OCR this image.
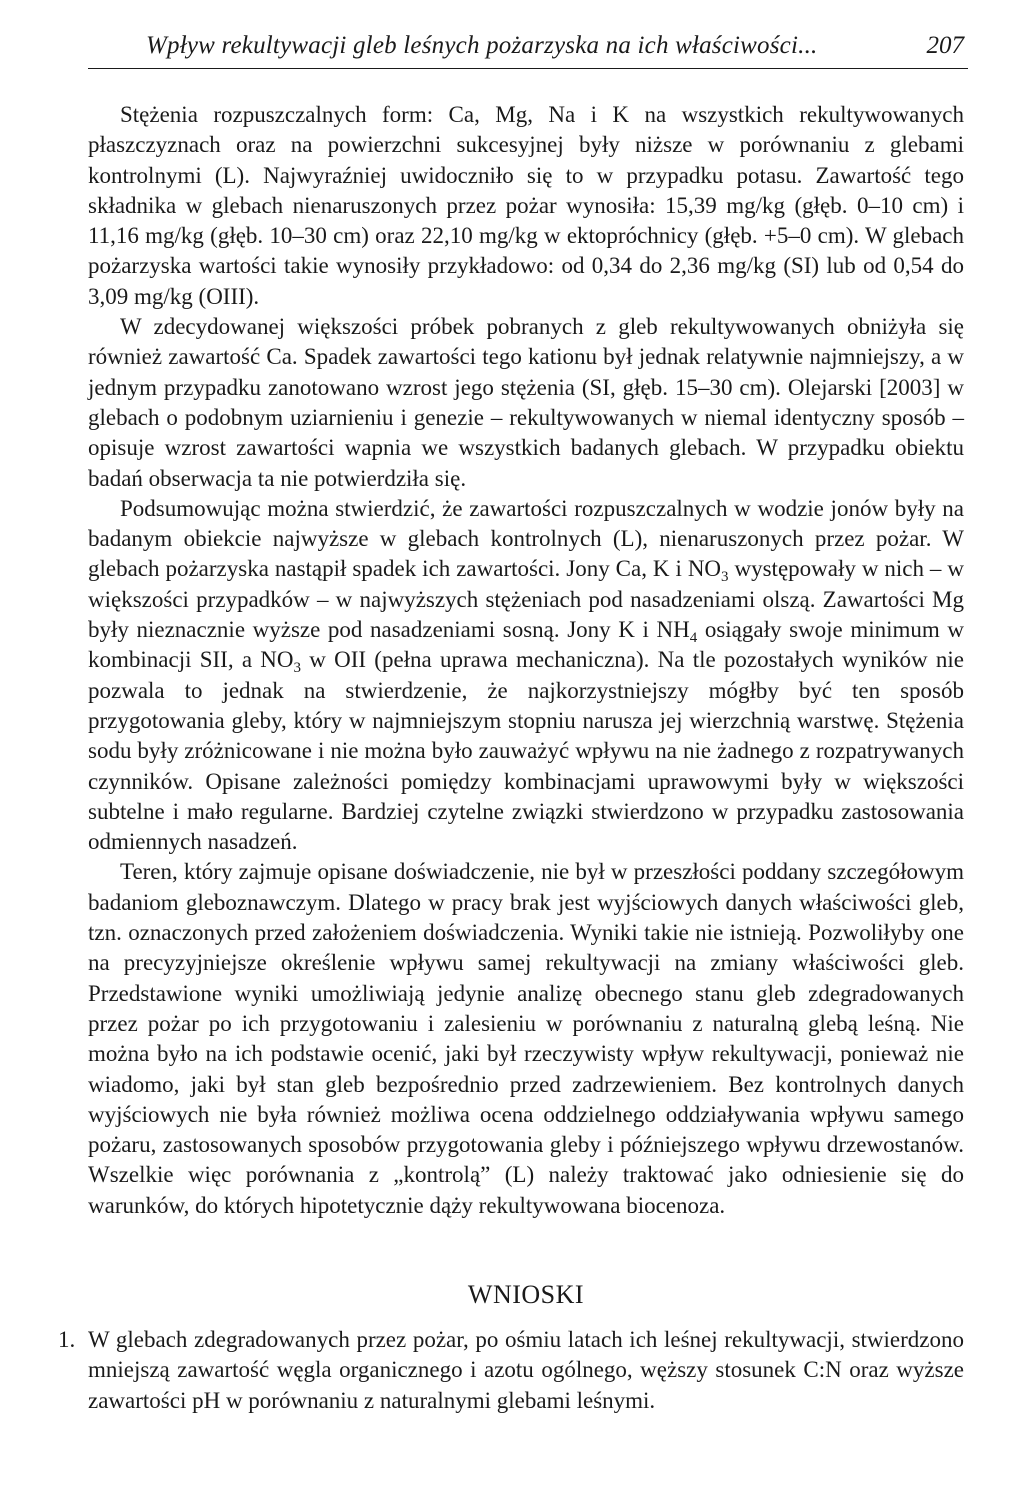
Wpływ rekultywacji gleb leśnych pożarzyska na ich właściwości...	207

Stężenia rozpuszczalnych form: Ca, Mg, Na i K na wszystkich rekultywowanych płaszczyznach oraz na powierzchni sukcesyjnej były niższe w porównaniu z glebami kontrolnymi (L). Najwyraźniej uwidoczniło się to w przypadku potasu. Zawartość tego składnika w glebach nienaruszonych przez pożar wynosiła: 15,39 mg/kg (głęb. 0–10 cm) i 11,16 mg/kg (głęb. 10–30 cm) oraz 22,10 mg/kg w ektopróchnicy (głęb. +5–0 cm). W glebach pożarzyska wartości takie wynosiły przykładowo: od 0,34 do 2,36 mg/kg (SI) lub od 0,54 do 3,09 mg/kg (OIII).

W zdecydowanej większości próbek pobranych z gleb rekultywowanych obniżyła się również zawartość Ca. Spadek zawartości tego kationu był jednak relatywnie najmniejszy, a w jednym przypadku zanotowano wzrost jego stężenia (SI, głęb. 15–30 cm). Olejarski [2003] w glebach o podobnym uziarnieniu i genezie – rekultywowanych w niemal identyczny sposób – opisuje wzrost zawartości wapnia we wszystkich badanych glebach. W przypadku obiektu badań obserwacja ta nie potwierdziła się.

Podsumowując można stwierdzić, że zawartości rozpuszczalnych w wodzie jonów były na badanym obiekcie najwyższe w glebach kontrolnych (L), nienaruszonych przez pożar. W glebach pożarzyska nastąpił spadek ich zawartości. Jony Ca, K i $NO_3$ występowały w nich – w większości przypadków – w najwyższych stężeniach pod nasadzeniami olszą. Zawartości Mg były nieznacznie wyższe pod nasadzeniami sosną. Jony K i $NH_4$ osiągały swoje minimum w kombinacji SII, a $NO_3$ w OII (pełna uprawa mechaniczna). Na tle pozostałych wyników nie pozwala to jednak na stwierdzenie, że najkorzystniejszy mógłby być ten sposób przygotowania gleby, który w najmniejszym stopniu narusza jej wierzchnią warstwę. Stężenia sodu były zróżnicowane i nie można było zauważyć wpływu na nie żadnego z rozpatrywanych czynników. Opisane zależności pomiędzy kombinacjami uprawowymi były w większości subtelne i mało regularne. Bardziej czytelne związki stwierdzono w przypadku zastosowania odmiennych nasadzeń.

Teren, który zajmuje opisane doświadczenie, nie był w przeszłości poddany szczegółowym badaniom gleboznawczym. Dlatego w pracy brak jest wyjściowych danych właściwości gleb, tzn. oznaczonych przed założeniem doświadczenia. Wyniki takie nie istnieją. Pozwoliłyby one na precyzyjniejsze określenie wpływu samej rekultywacji na zmiany właściwości gleb. Przedstawione wyniki umożliwiają jedynie analizę obecnego stanu gleb zdegradowanych przez pożar po ich przygotowaniu i zalesieniu w porównaniu z naturalną glebą leśną. Nie można było na ich podstawie ocenić, jaki był rzeczywisty wpływ rekultywacji, ponieważ nie wiadomo, jaki był stan gleb bezpośrednio przed zadrzewieniem. Bez kontrolnych danych wyjściowych nie była również możliwa ocena oddzielnego oddziaływania wpływu samego pożaru, zastosowanych sposobów przygotowania gleby i późniejszego wpływu drzewostanów. Wszelkie więc porównania z „kontrolą” (L) należy traktować jako odniesienie się do warunków, do których hipotetycznie dąży rekultywowana biocenoza.

WNIOSKI
1. W glebach zdegradowanych przez pożar, po ośmiu latach ich leśnej rekultywacji, stwierdzono mniejszą zawartość węgla organicznego i azotu ogólnego, węższy stosunek C:N oraz wyższe zawartości pH w porównaniu z naturalnymi glebami leśnymi.
